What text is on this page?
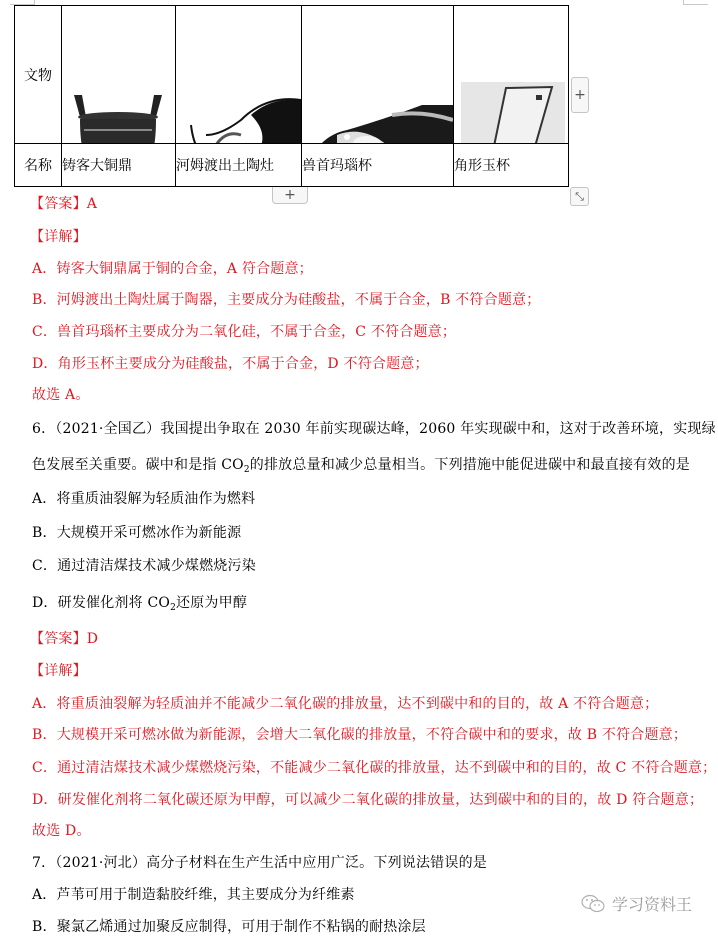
文物	

名称	铸客大铜鼎	河姆渡出土陶灶	兽首玛瑙杯	角形玉杯
+
+	⤡
【答案】A
【详解】
A．铸客大铜鼎属于铜的合金，A 符合题意；
B．河姆渡出土陶灶属于陶器，主要成分为硅酸盐，不属于合金，B 不符合题意；
C．兽首玛瑙杯主要成分为二氧化硅，不属于合金，C 不符合题意；
D．角形玉杯主要成分为硅酸盐，不属于合金，D 不符合题意；
故选 A。
6．（2021·全国乙）我国提出争取在 2030 年前实现碳达峰，2060 年实现碳中和，这对于改善环境，实现绿
色发展至关重要。碳中和是指 $CO_2$的排放总量和减少总量相当。下列措施中能促进碳中和最直接有效的是
A．将重质油裂解为轻质油作为燃料
B．大规模开采可燃冰作为新能源
C．通过清洁煤技术减少煤燃烧污染
D．研发催化剂将 $CO_2$还原为甲醇
【答案】D
【详解】
A．将重质油裂解为轻质油并不能减少二氧化碳的排放量，达不到碳中和的目的，故 A 不符合题意；
B．大规模开采可燃冰做为新能源，会增大二氧化碳的排放量，不符合碳中和的要求，故 B 不符合题意；
C．通过清洁煤技术减少煤燃烧污染，不能减少二氧化碳的排放量，达不到碳中和的目的，故 C 不符合题意；
D．研发催化剂将二氧化碳还原为甲醇，可以减少二氧化碳的排放量，达到碳中和的目的，故 D 符合题意；
故选 D。
7．（2021·河北）高分子材料在生产生活中应用广泛。下列说法错误的是
A．芦苇可用于制造黏胶纤维，其主要成分为纤维素
B．聚氯乙烯通过加聚反应制得，可用于制作不粘锅的耐热涂层
学习资料王
